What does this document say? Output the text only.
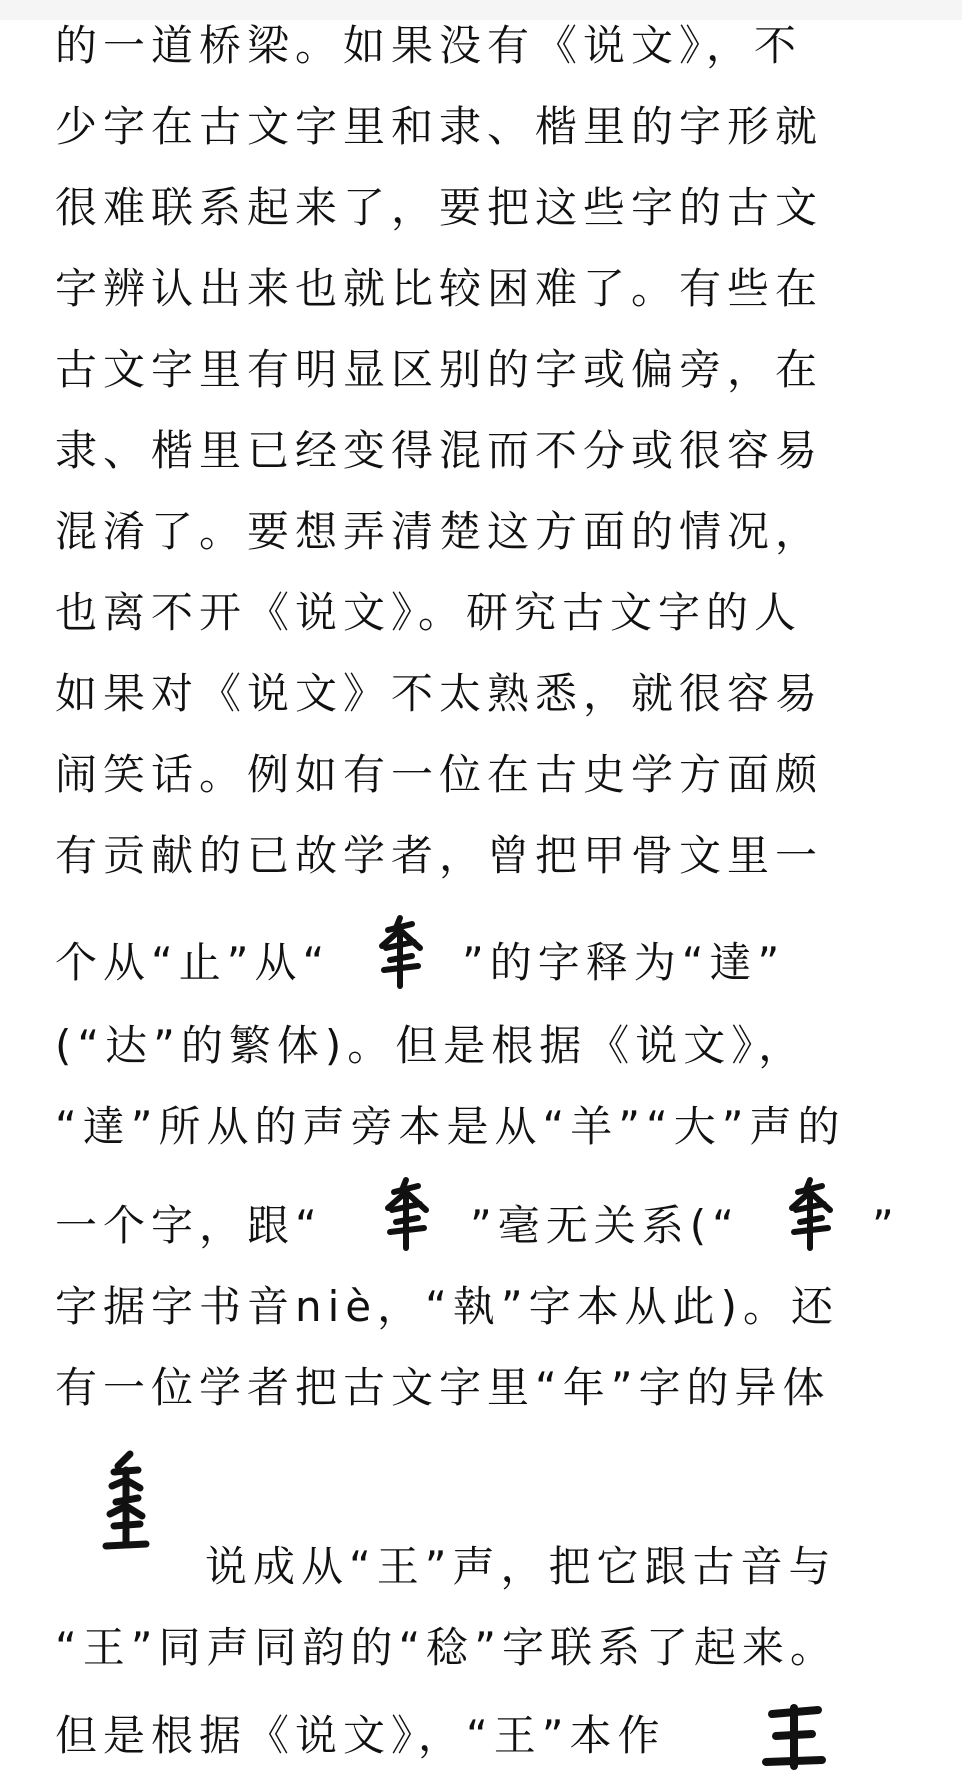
的一道桥梁。如果没有《说文》，不
少字在古文字里和隶、楷里的字形就
很难联系起来了，要把这些字的古文
字辨认出来也就比较困难了。有些在
古文字里有明显区别的字或偏旁，在
隶、楷里已经变得混而不分或很容易
混淆了。要想弄清楚这方面的情况，
也离不开《说文》。研究古文字的人
如果对《说文》不太熟悉，就很容易
闹笑话。例如有一位在古史学方面颇
有贡献的已故学者，曾把甲骨文里一
个从“止”从“	”的字释为“達”
(“达”的繁体)。但是根据《说文》，
“達”所从的声旁本是从“羊”“大”声的
一个字，跟“	”毫无关系(“	”
字据字书音niè，“執”字本从此)。还
有一位学者把古文字里“年”字的异体
说成从“王”声，把它跟古音与
“王”同声同韵的“稔”字联系了起来。
但是根据《说文》，“王”本作
